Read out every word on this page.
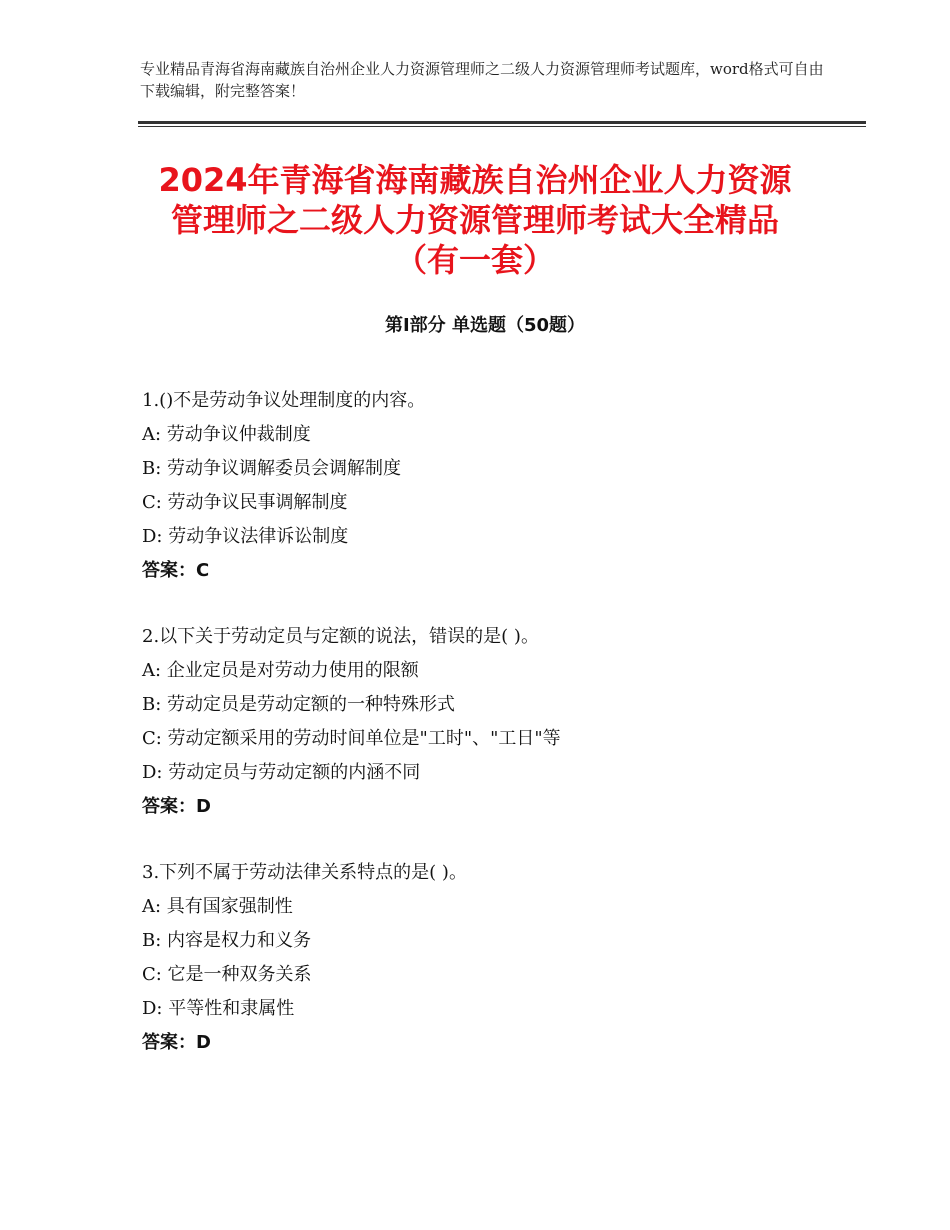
专业精品青海省海南藏族自治州企业人力资源管理师之二级人力资源管理师考试题库，word格式可自由下载编辑，附完整答案！
2024年青海省海南藏族自治州企业人力资源
管理师之二级人力资源管理师考试大全精品
（有一套）
第Ⅰ部分 单选题（50题）
1.()不是劳动争议处理制度的内容。
A: 劳动争议仲裁制度
B: 劳动争议调解委员会调解制度
C: 劳动争议民事调解制度
D: 劳动争议法律诉讼制度
答案：C
2.以下关于劳动定员与定额的说法，错误的是( )。
A: 企业定员是对劳动力使用的限额
B: 劳动定员是劳动定额的一种特殊形式
C: 劳动定额采用的劳动时间单位是"工时"、"工日"等
D: 劳动定员与劳动定额的内涵不同
答案：D
3.下列不属于劳动法律关系特点的是( )。
A: 具有国家强制性
B: 内容是权力和义务
C: 它是一种双务关系
D: 平等性和隶属性
答案：D
